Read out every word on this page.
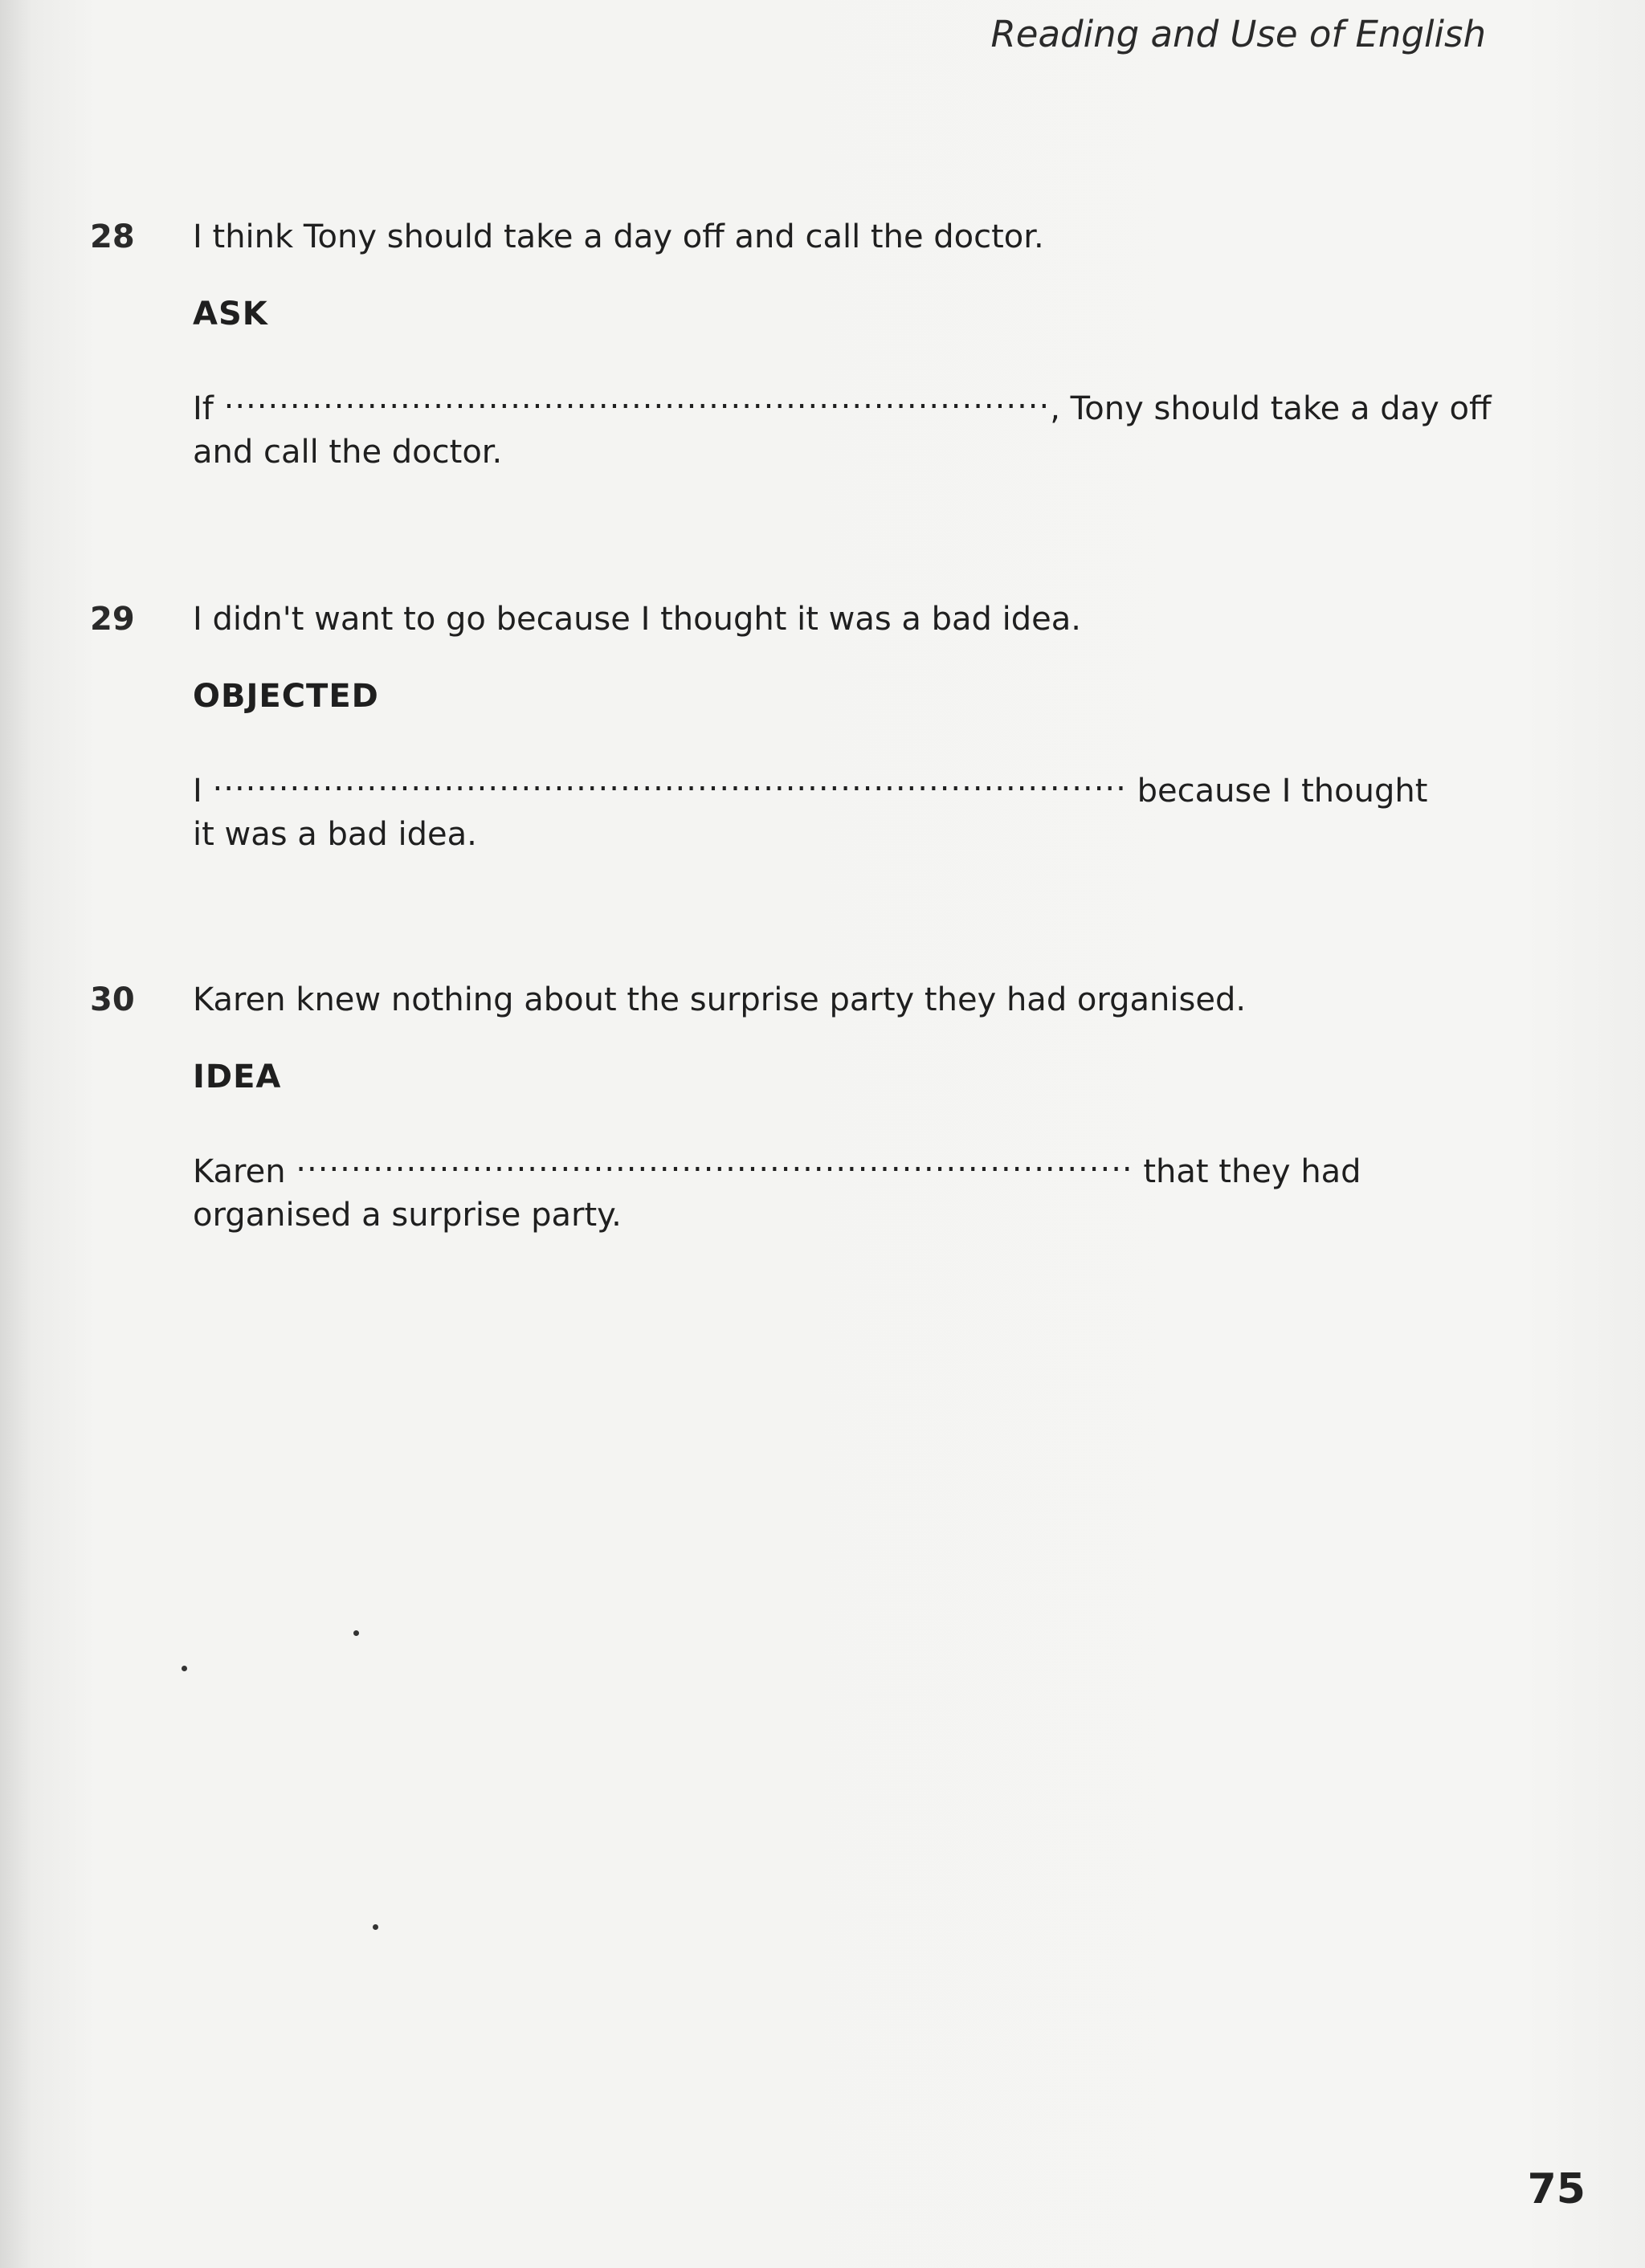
Reading and Use of English
28 I think Tony should take a day off and call the doctor.
ASK
If ..........................................................................., Tony should take a day off and call the doctor.
29 I didn't want to go because I thought it was a bad idea.
OBJECTED
I ................................................................................... because I thought it was a bad idea.
30 Karen knew nothing about the surprise party they had organised.
IDEA
Karen ............................................................................ that they had organised a surprise party.
75
